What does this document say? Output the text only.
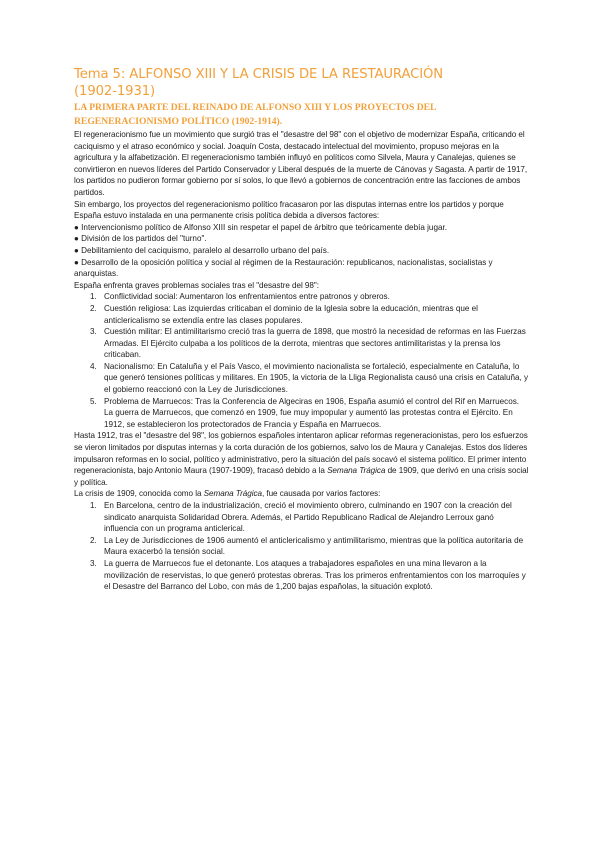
Tema 5: ALFONSO XIII Y LA CRISIS DE LA RESTAURACIÓN
(1902-1931)
LA PRIMERA PARTE DEL REINADO DE ALFONSO XIII Y LOS PROYECTOS DEL REGENERACIONISMO POLÍTICO (1902-1914).

El regeneracionismo fue un movimiento que surgió tras el "desastre del 98" con el objetivo de modernizar España, criticando el caciquismo y el atraso económico y social. Joaquín Costa, destacado intelectual del movimiento, propuso mejoras en la agricultura y la alfabetización. El regeneracionismo también influyó en políticos como Silvela, Maura y Canalejas, quienes se convirtieron en nuevos líderes del Partido Conservador y Liberal después de la muerte de Cánovas y Sagasta. A partir de 1917, los partidos no pudieron formar gobierno por sí solos, lo que llevó a gobiernos de concentración entre las facciones de ambos partidos.

Sin embargo, los proyectos del regeneracionismo político fracasaron por las disputas internas entre los partidos y porque España estuvo instalada en una permanente crisis política debida a diversos factores:

● Intervencionismo político de Alfonso XIII sin respetar el papel de árbitro que teóricamente debía jugar.

● División de los partidos del "turno".

● Debilitamiento del caciquismo, paralelo al desarrollo urbano del país.

● Desarrollo de la oposición política y social al régimen de la Restauración: republicanos, nacionalistas, socialistas y anarquistas.

España enfrenta graves problemas sociales tras el "desastre del 98":

1. Conflictividad social: Aumentaron los enfrentamientos entre patronos y obreros.
2. Cuestión religiosa: Las izquierdas criticaban el dominio de la Iglesia sobre la educación, mientras que el anticlericalismo se extendía entre las clases populares.
3. Cuestión militar: El antimilitarismo creció tras la guerra de 1898, que mostró la necesidad de reformas en las Fuerzas Armadas. El Ejército culpaba a los políticos de la derrota, mientras que sectores antimilitaristas y la prensa los criticaban.
4. Nacionalismo: En Cataluña y el País Vasco, el movimiento nacionalista se fortaleció, especialmente en Cataluña, lo que generó tensiones políticas y militares. En 1905, la victoria de la Lliga Regionalista causó una crisis en Cataluña, y el gobierno reaccionó con la Ley de Jurisdicciones.
5. Problema de Marruecos: Tras la Conferencia de Algeciras en 1906, España asumió el control del Rif en Marruecos. La guerra de Marruecos, que comenzó en 1909, fue muy impopular y aumentó las protestas contra el Ejército. En 1912, se establecieron los protectorados de Francia y España en Marruecos.

Hasta 1912, tras el "desastre del 98", los gobiernos españoles intentaron aplicar reformas regeneracionistas, pero los esfuerzos se vieron limitados por disputas internas y la corta duración de los gobiernos, salvo los de Maura y Canalejas. Estos dos líderes impulsaron reformas en lo social, político y administrativo, pero la situación del país socavó el sistema político. El primer intento regeneracionista, bajo Antonio Maura (1907-1909), fracasó debido a la Semana Trágica de 1909, que derivó en una crisis social y política.

La crisis de 1909, conocida como la Semana Trágica, fue causada por varios factores:

1. En Barcelona, centro de la industrialización, creció el movimiento obrero, culminando en 1907 con la creación del sindicato anarquista Solidaridad Obrera. Además, el Partido Republicano Radical de Alejandro Lerroux ganó influencia con un programa anticlerical.
2. La Ley de Jurisdicciones de 1906 aumentó el anticlericalismo y antimilitarismo, mientras que la política autoritaria de Maura exacerbó la tensión social.
3. La guerra de Marruecos fue el detonante. Los ataques a trabajadores españoles en una mina llevaron a la movilización de reservistas, lo que generó protestas obreras. Tras los primeros enfrentamientos con los marroquíes y el Desastre del Barranco del Lobo, con más de 1,200 bajas españolas, la situación explotó.
